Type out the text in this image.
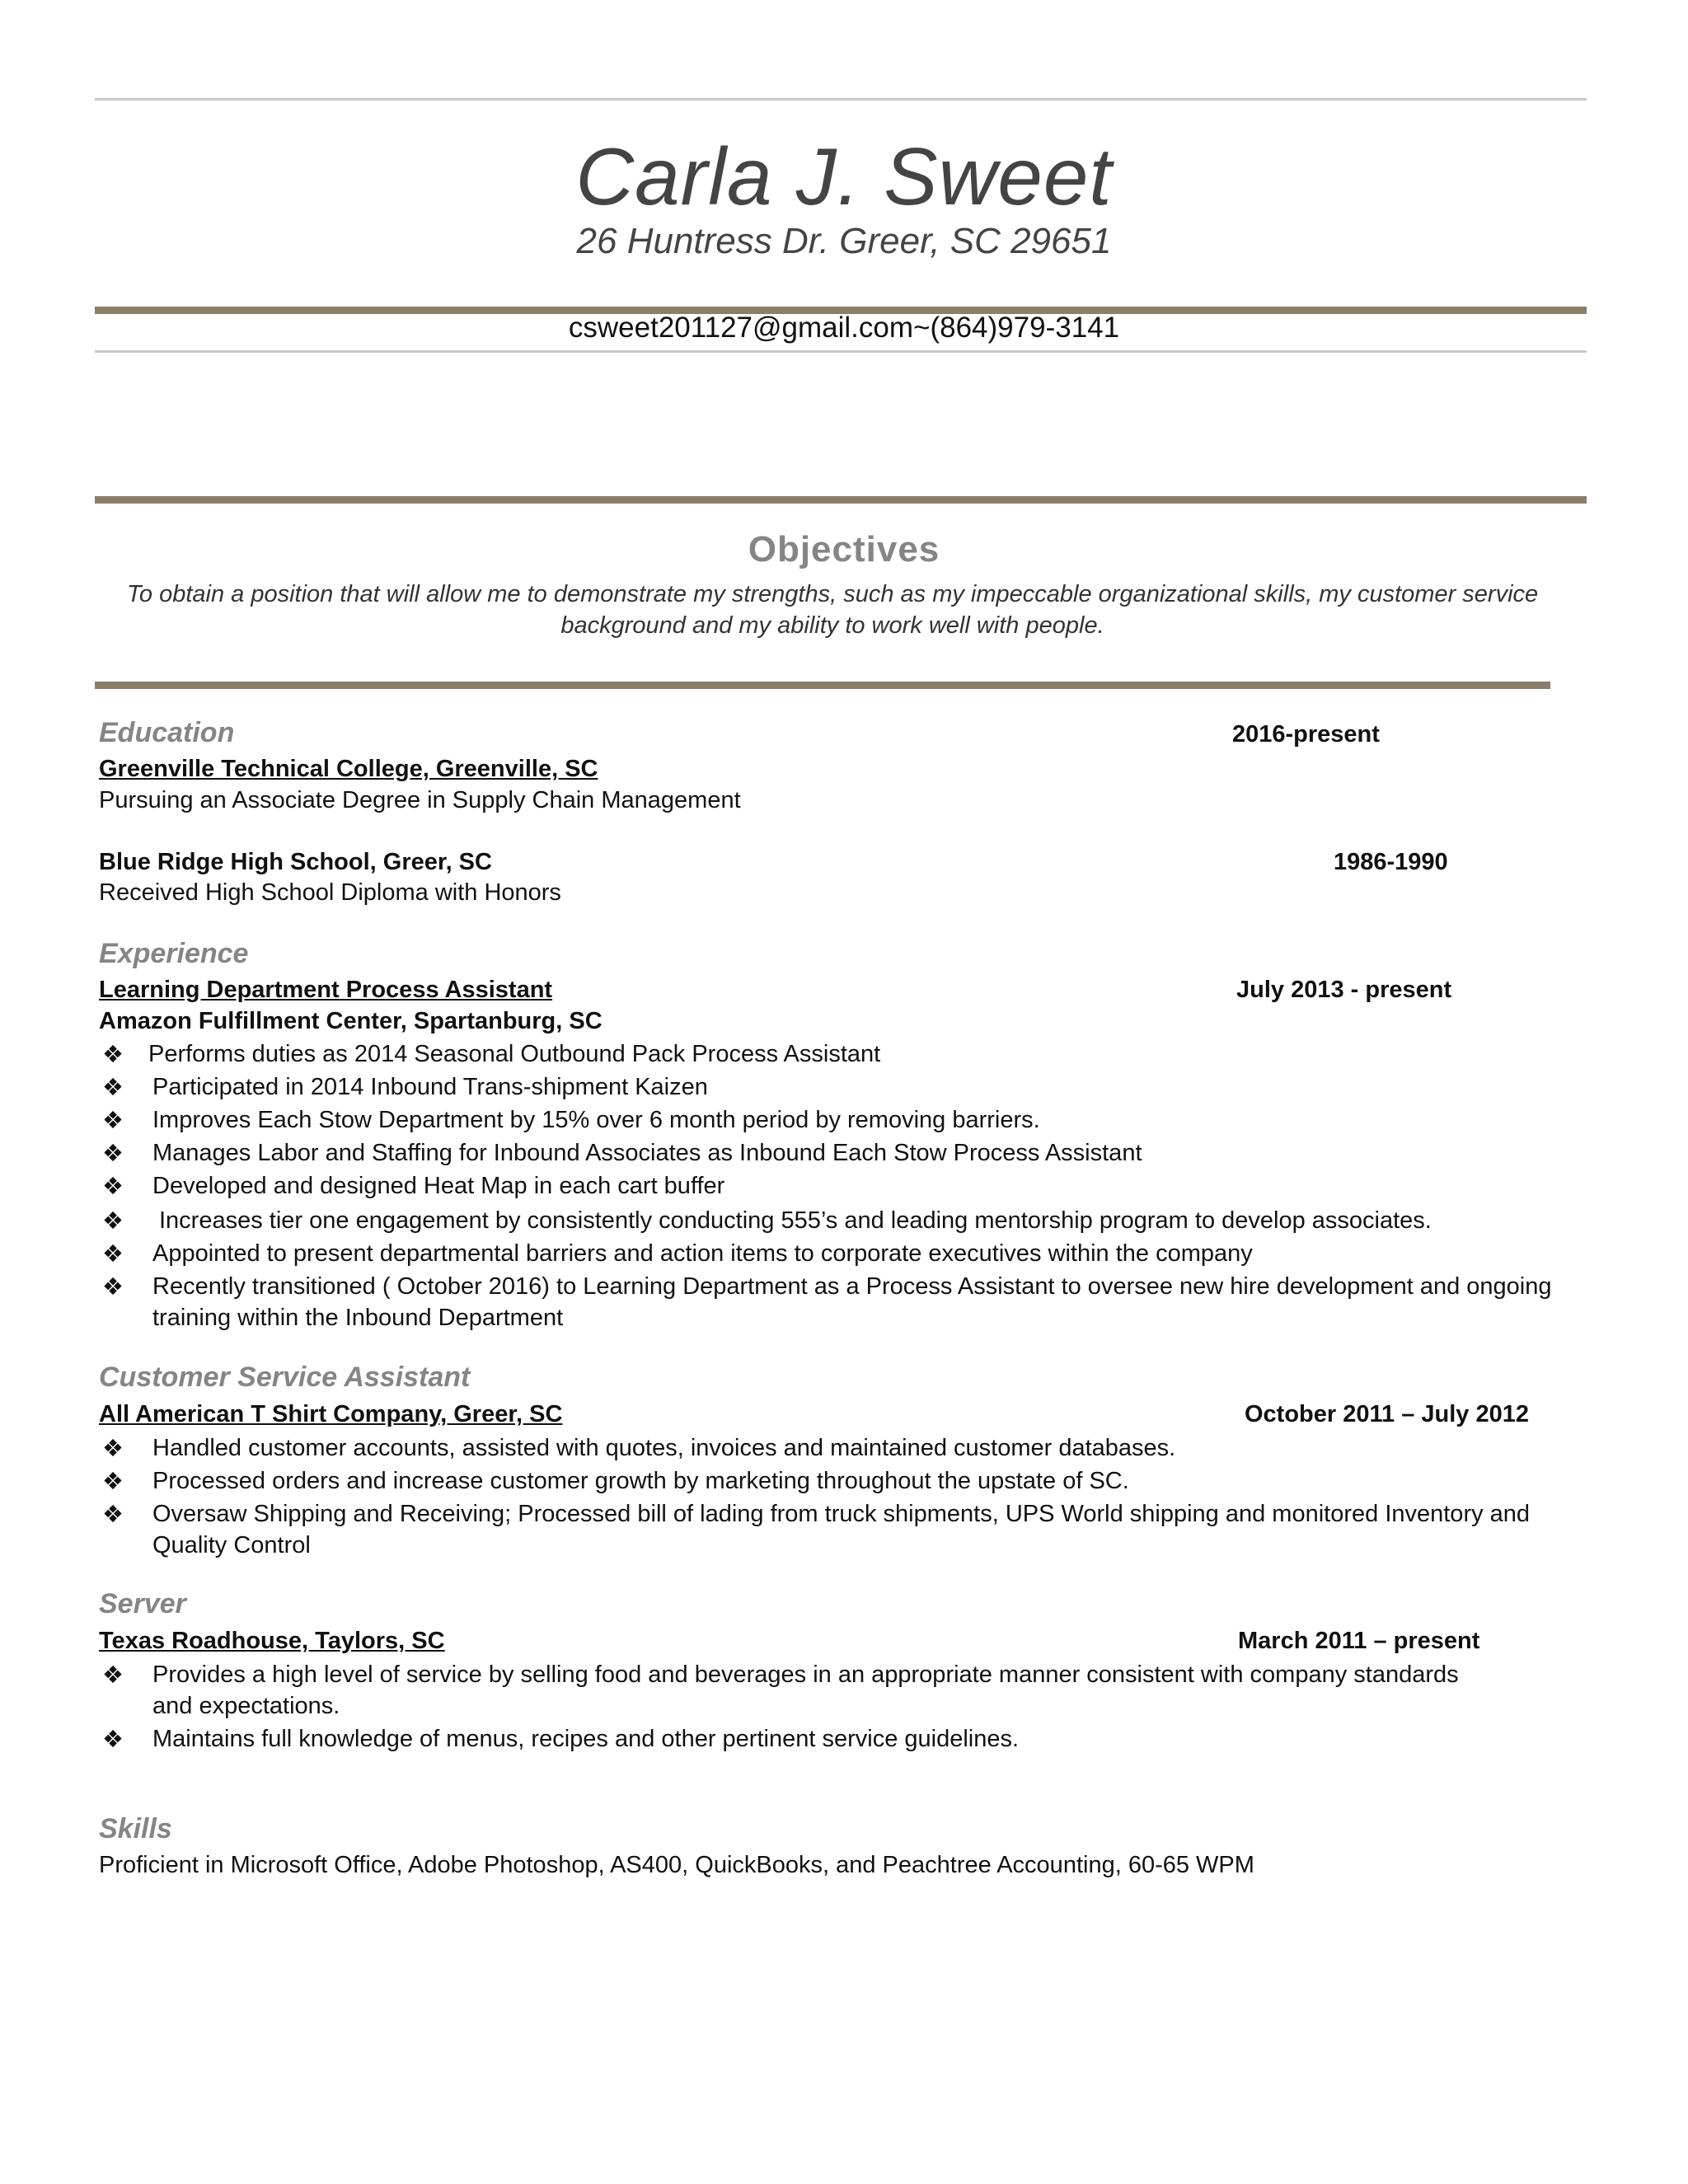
Carla J. Sweet
26 Huntress Dr. Greer, SC 29651
csweet201127@gmail.com~(864)979-3141
Objectives
To obtain a position that will allow me to demonstrate my strengths, such as my impeccable organizational skills, my customer service background and my ability to work well with people.
Education	2016-present
Greenville Technical College, Greenville, SC
Pursuing an Associate Degree in Supply Chain Management
Blue Ridge High School, Greer, SC	1986-1990
Received High School Diploma with Honors
Experience
Learning Department Process Assistant	July 2013 - present
Amazon Fulfillment Center, Spartanburg, SC
❖ Performs duties as 2014 Seasonal Outbound Pack Process Assistant
❖ Participated in 2014 Inbound Trans-shipment Kaizen
❖ Improves Each Stow Department by 15% over 6 month period by removing barriers.
❖ Manages Labor and Staffing for Inbound Associates as Inbound Each Stow Process Assistant
❖ Developed and designed Heat Map in each cart buffer
❖ Increases tier one engagement by consistently conducting 555’s and leading mentorship program to develop associates.
❖ Appointed to present departmental barriers and action items to corporate executives within the company
❖ Recently transitioned ( October 2016) to Learning Department as a Process Assistant to oversee new hire development and ongoing training within the Inbound Department
Customer Service Assistant
All American T Shirt Company, Greer, SC	October 2011 – July 2012
❖ Handled customer accounts, assisted with quotes, invoices and maintained customer databases.
❖ Processed orders and increase customer growth by marketing throughout the upstate of SC.
❖ Oversaw Shipping and Receiving; Processed bill of lading from truck shipments, UPS World shipping and monitored Inventory and Quality Control
Server
Texas Roadhouse, Taylors, SC	March 2011 – present
❖ Provides a high level of service by selling food and beverages in an appropriate manner consistent with company standards and expectations.
❖ Maintains full knowledge of menus, recipes and other pertinent service guidelines.
Skills
Proficient in Microsoft Office, Adobe Photoshop, AS400, QuickBooks, and Peachtree Accounting, 60-65 WPM
